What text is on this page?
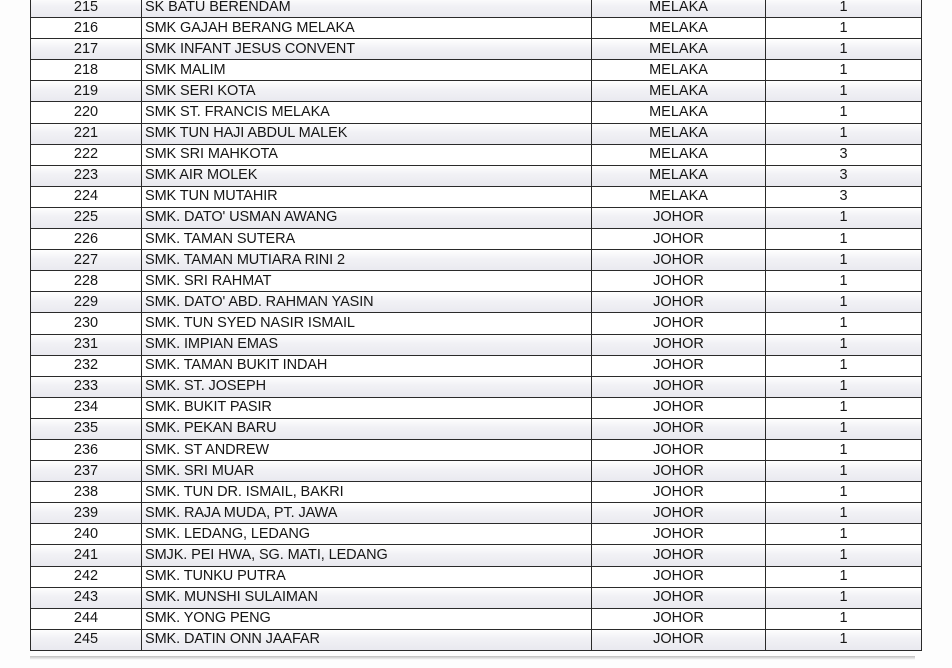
215	SK BATU BERENDAM	MELAKA	1
216	SMK GAJAH BERANG MELAKA	MELAKA	1
217	SMK INFANT JESUS CONVENT	MELAKA	1
218	SMK MALIM	MELAKA	1
219	SMK SERI KOTA	MELAKA	1
220	SMK ST. FRANCIS MELAKA	MELAKA	1
221	SMK TUN HAJI ABDUL MALEK	MELAKA	1
222	SMK SRI MAHKOTA	MELAKA	3
223	SMK AIR MOLEK	MELAKA	3
224	SMK TUN MUTAHIR	MELAKA	3
225	SMK. DATO' USMAN AWANG	JOHOR	1
226	SMK. TAMAN SUTERA	JOHOR	1
227	SMK. TAMAN MUTIARA RINI 2	JOHOR	1
228	SMK. SRI RAHMAT	JOHOR	1
229	SMK. DATO' ABD. RAHMAN YASIN	JOHOR	1
230	SMK. TUN SYED NASIR ISMAIL	JOHOR	1
231	SMK. IMPIAN EMAS	JOHOR	1
232	SMK. TAMAN BUKIT INDAH	JOHOR	1
233	SMK. ST. JOSEPH	JOHOR	1
234	SMK. BUKIT PASIR	JOHOR	1
235	SMK. PEKAN BARU	JOHOR	1
236	SMK. ST ANDREW	JOHOR	1
237	SMK. SRI MUAR	JOHOR	1
238	SMK. TUN DR. ISMAIL, BAKRI	JOHOR	1
239	SMK. RAJA MUDA, PT. JAWA	JOHOR	1
240	SMK. LEDANG, LEDANG	JOHOR	1
241	SMJK. PEI HWA, SG. MATI, LEDANG	JOHOR	1
242	SMK. TUNKU PUTRA	JOHOR	1
243	SMK. MUNSHI SULAIMAN	JOHOR	1
244	SMK. YONG PENG	JOHOR	1
245	SMK. DATIN ONN JAAFAR	JOHOR	1
